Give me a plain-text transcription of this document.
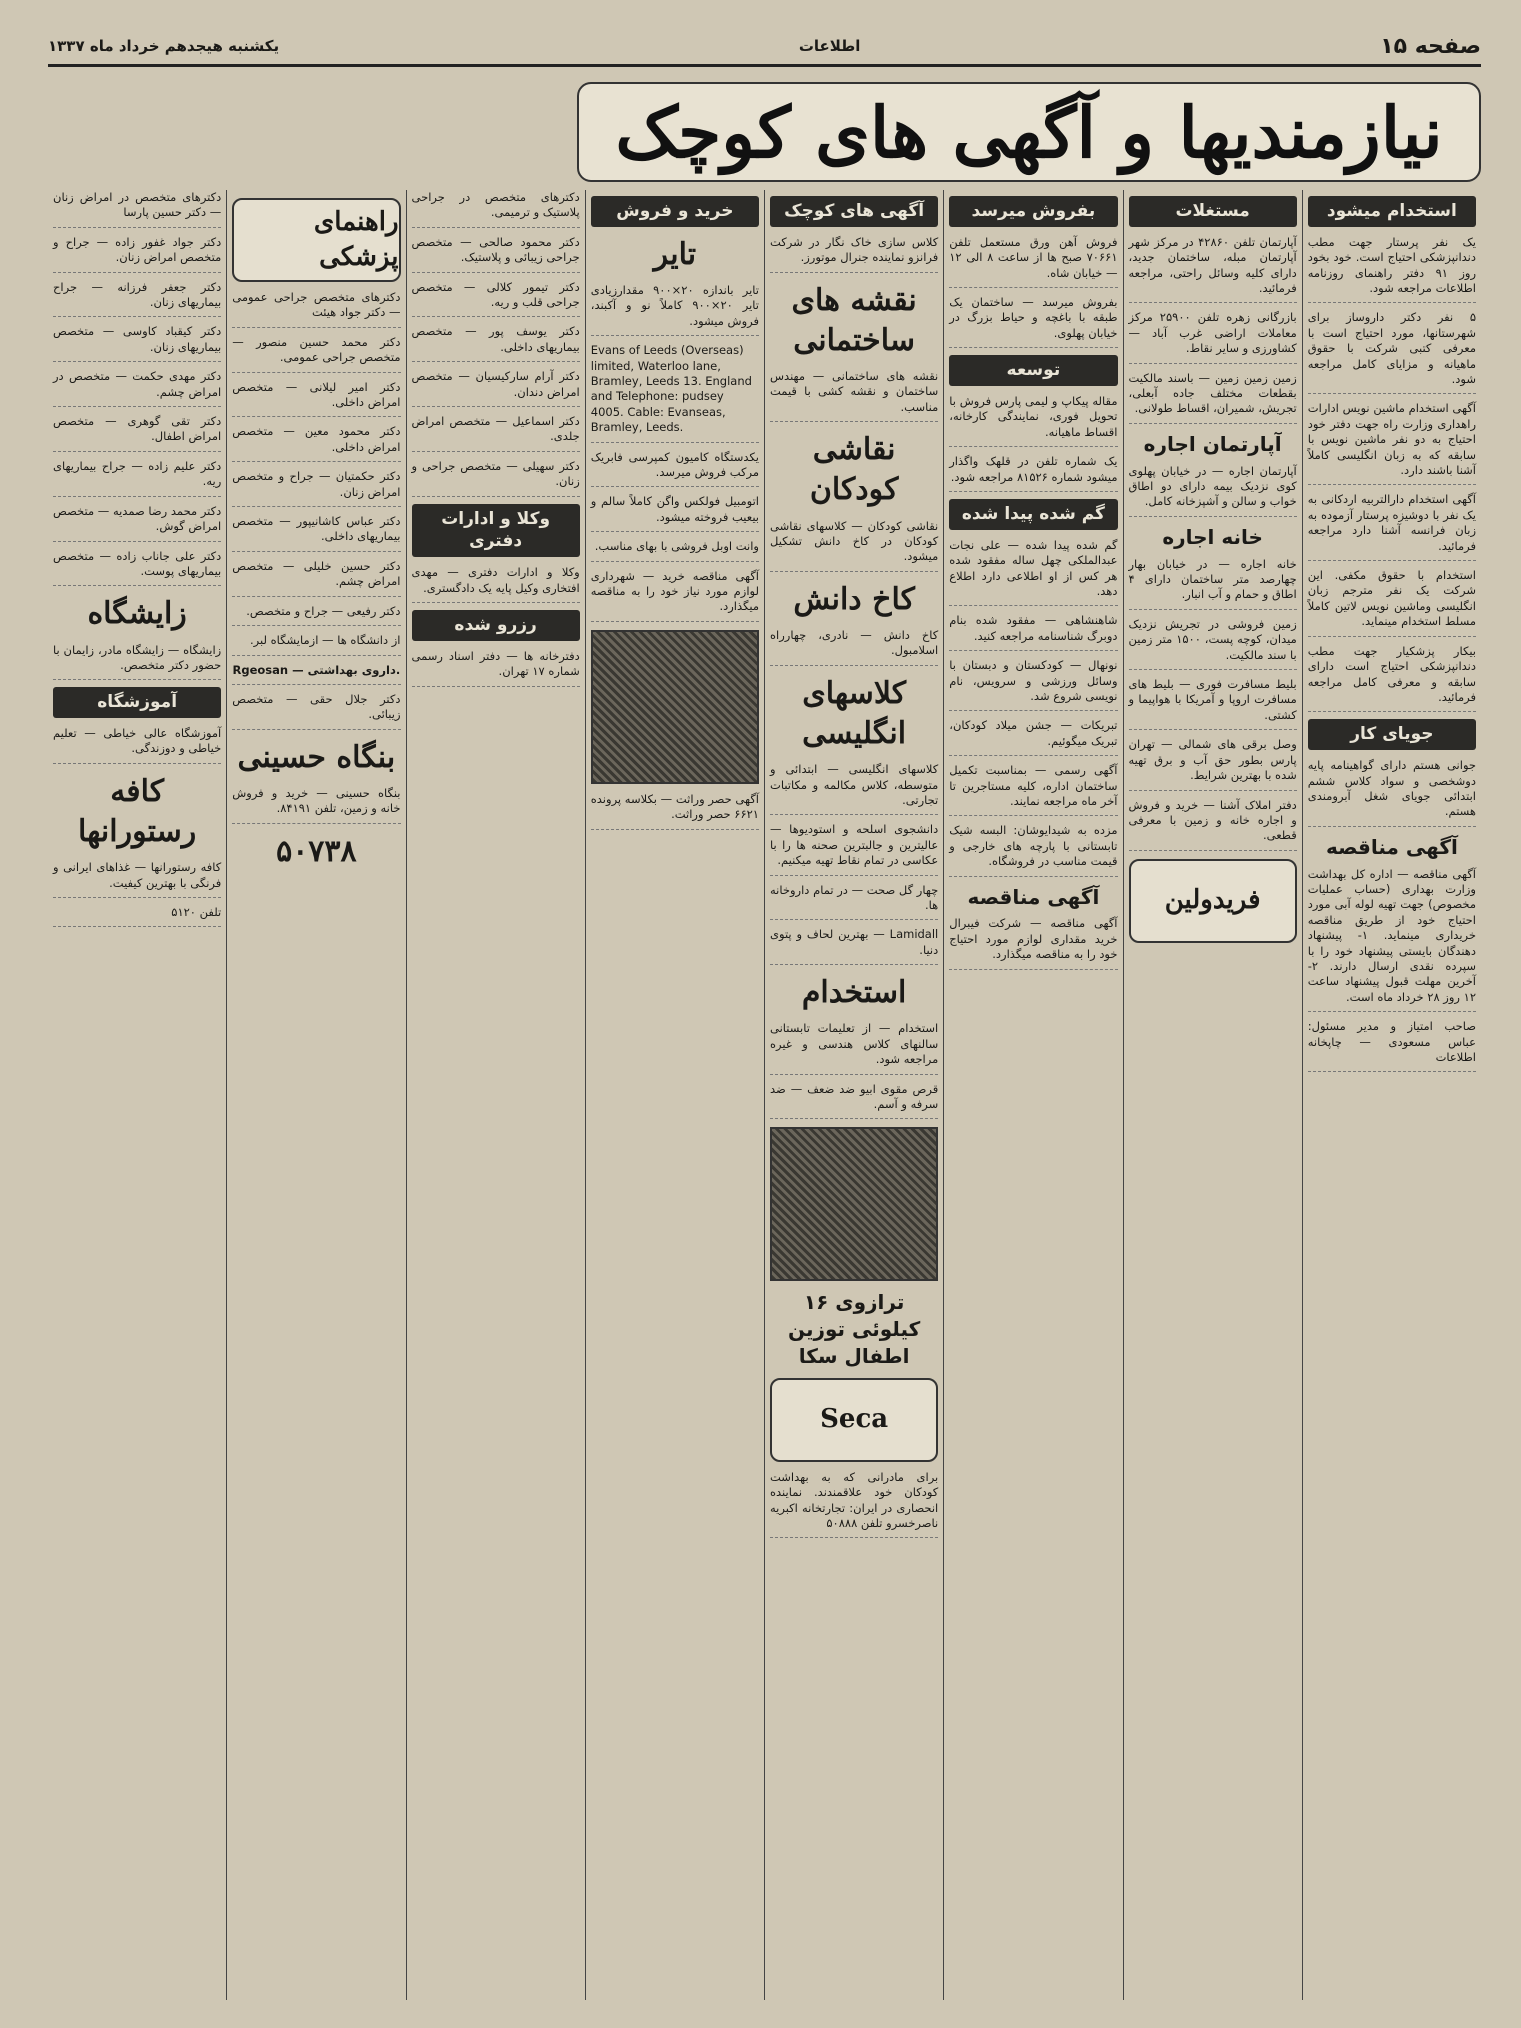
صفحه ۱۵
اطلاعات
یکشنبه هیجدهم خرداد ماه ۱۳۳۷
نیازمندیها و آگهی های کوچک
استخدام میشود
یک نفر پرستار جهت مطب دندانپزشکی احتیاج است. خود بخود روز ۹۱ دفتر راهنمای روزنامه اطلاعات مراجعه شود.
۵ نفر دکتر داروساز برای شهرستانها، مورد احتیاج است با معرفی کتبی شرکت با حقوق ماهیانه و مزایای کامل مراجعه شود.
آگهی استخدام ماشین نویس ادارات راهداری وزارت راه جهت دفتر خود احتیاج به دو نفر ماشین نویس با سابقه که به زبان انگلیسی کاملاً آشنا باشند دارد.
آگهی استخدام دارالتربیه اردکانی به یک نفر با دوشیزه پرستار آزموده به زبان فرانسه آشنا دارد مراجعه فرمائید.
استخدام با حقوق مکفی. این شرکت یک نفر مترجم زبان انگلیسی وماشین نویس لاتین کاملاً مسلط استخدام مینماید.
بیکار پزشکیار جهت مطب دندانپزشکی احتیاج است دارای سابقه و معرفی کامل مراجعه فرمائید.
جویای کار
جوانی هستم دارای گواهینامه پایه دوشخصی و سواد کلاس ششم ابتدائی جویای شغل آبرومندی هستم.
آگهی مناقصه
آگهی مناقصه — اداره کل بهداشت وزارت بهداری (حساب عملیات مخصوص) جهت تهیه لوله آبی مورد احتیاج خود از طریق مناقصه خریداری مینماید. ۱- پیشنهاد دهندگان بایستی پیشنهاد خود را با سپرده نقدی ارسال دارند. ۲- آخرین مهلت قبول پیشنهاد ساعت ۱۲ روز ۲۸ خرداد ماه است.
صاحب امتیاز و مدیر مسئول: عباس مسعودی — چاپخانه اطلاعات
مستغلات
آپارتمان تلفن ۴۲۸۶۰ در مرکز شهر آپارتمان مبله، ساختمان جدید، دارای کلیه وسائل راحتی، مراجعه فرمائید.
بازرگانی زهره تلفن ۲۵۹۰۰ مرکز معاملات اراضی غرب آباد — کشاورزی و سایر نقاط.
زمین زمین زمین — باسند مالکیت بقطعات مختلف جاده آبعلی، تجریش، شمیران، اقساط طولانی.
آپارتمان اجاره
آپارتمان اجاره — در خیابان پهلوی کوی نزدیک بیمه دارای دو اطاق خواب و سالن و آشپزخانه کامل.
خانه اجاره
خانه اجاره — در خیابان بهار چهارصد متر ساختمان دارای ۴ اطاق و حمام و آب انبار.
زمین فروشی در تجریش نزدیک میدان، کوچه پست، ۱۵۰۰ متر زمین با سند مالکیت.
بلیط مسافرت فوری — بلیط های مسافرت اروپا و آمریکا با هواپیما و کشتی.
وصل برقی های شمالی — تهران پارس بطور حق آب و برق تهیه شده با بهترین شرایط.
دفتر املاک آشنا — خرید و فروش و اجاره خانه و زمین با معرفی قطعی.
فریدولین
بفروش میرسد
فروش آهن ورق مستعمل تلفن ۷۰۶۶۱ صبح ها از ساعت ۸ الی ۱۲ — خیابان شاه.
بفروش میرسد — ساختمان یک طبقه با باغچه و حیاط بزرگ در خیابان پهلوی.
توسعه
مقاله پیکاپ و لیمی پارس فروش با تحویل فوری، نمایندگی کارخانه، اقساط ماهیانه.
یک شماره تلفن در قلهک واگذار میشود شماره ۸۱۵۲۶ مراجعه شود.
گم شده پیدا شده
گم شده پیدا شده — علی نجات عبدالملکی چهل ساله مفقود شده هر کس از او اطلاعی دارد اطلاع دهد.
شاهنشاهی — مفقود شده بنام دوبرگ شناسنامه مراجعه کنید.
نونهال — کودکستان و دبستان با وسائل ورزشی و سرویس، نام نویسی شروع شد.
تبریکات — جشن میلاد کودکان، تبریک میگوئیم.
آگهی رسمی — بمناسبت تکمیل ساختمان اداره، کلیه مستاجرین تا آخر ماه مراجعه نمایند.
مزده به شیدایوشان: البسه شیک تابستانی با پارچه های خارجی و قیمت مناسب در فروشگاه.
آگهی مناقصه
آگهی مناقصه — شرکت فیبرال خرید مقداری لوازم مورد احتیاج خود را به مناقصه میگذارد.
آگهی های کوچک
کلاس سازی خاک نگار در شرکت فرانزو نماینده جنرال موتورز.
نقشه های ساختمانی
نقشه های ساختمانی — مهندس ساختمان و نقشه کشی با قیمت مناسب.
نقاشی کودکان
نقاشی کودکان — کلاسهای نقاشی کودکان در کاخ دانش تشکیل میشود.
کاخ دانش
کاخ دانش — نادری، چهارراه اسلامبول.
کلاسهای انگلیسی
کلاسهای انگلیسی — ابتدائی و متوسطه، کلاس مکالمه و مکاتبات تجارتی.
دانشجوی اسلحه و استودیوها — عالیترین و جالبترین صحنه ها را با عکاسی در تمام نقاط تهیه میکنیم.
چهار گل صحت — در تمام داروخانه ها.
Lamidall — بهترین لحاف و پتوی دنیا.
استخدام
استخدام — از تعلیمات تابستانی سالنهای کلاس هندسی و غیره مراجعه شود.
قرص مقوی ابیو ضد ضعف — ضد سرفه و آسم.
ترازوی ۱۶ کیلوئی توزین اطفال سکا
Seca
برای مادرانی که به بهداشت کودکان خود علاقمندند. نماینده انحصاری در ایران: تجارتخانه اکبریه ناصرخسرو تلفن ۵۰۸۸۸
خرید و فروش
تایر
تایر باندازه ۲۰×۹۰۰ مقدارزیادی تایر ۲۰×۹۰۰ کاملاً نو و آکبند، فروش میشود.
Evans of Leeds (Overseas) limited, Waterloo lane, Bramley, Leeds 13. England and Telephone: pudsey 4005. Cable: Evanseas, Bramley, Leeds.
یکدستگاه کامیون کمپرسی فابریک مرکب فروش میرسد.
اتومبیل فولکس واگن کاملاً سالم و بیعیب فروخته میشود.
وانت اوبل فروشی با بهای مناسب.
آگهی مناقصه خرید — شهرداری لوازم مورد نیاز خود را به مناقصه میگذارد.
آگهی حصر وراثت — بکلاسه پرونده ۶۶۲۱ حصر وراثت.
دکترهای متخصص در جراحی پلاستیک و ترمیمی.
دکتر محمود صالحی — متخصص جراحی زیبائی و پلاستیک.
دکتر تیمور کلالی — متخصص جراحی قلب و ریه.
دکتر یوسف پور — متخصص بیماریهای داخلی.
دکتر آرام سارکیسیان — متخصص امراض دندان.
دکتر اسماعیل — متخصص امراض جلدی.
دکتر سهیلی — متخصص جراحی و زنان.
وکلا و ادارات دفتری
وکلا و ادارات دفتری — مهدی افتخاری وکیل پایه یک دادگستری.
رزرو شده
دفترخانه ها — دفتر اسناد رسمی شماره ۱۷ تهران.
راهنمای پزشکی
دکترهای متخصص جراحی عمومی — دکتر جواد هیئت
دکتر محمد حسین منصور — متخصص جراحی عمومی.
دکتر امیر لیلانی — متخصص امراض داخلی.
دکتر محمود معین — متخصص امراض داخلی.
دکتر حکمتیان — جراح و متخصص امراض زنان.
دکتر عباس کاشانیپور — متخصص بیماریهای داخلی.
دکتر حسین خلیلی — متخصص امراض چشم.
دکتر رفیعی — جراح و متخصص.
از دانشگاه ها — ازمایشگاه لبر.
Rgeosan — داروی بهداشتی.
دکتر جلال حقی — متخصص زیبائی.
بنگاه حسینی
بنگاه حسینی — خرید و فروش خانه و زمین، تلفن ۸۴۱۹۱.
۵۰۷۳۸
دکترهای متخصص در امراض زنان — دکتر حسین پارسا
دکتر جواد غفور زاده — جراح و متخصص امراض زنان.
دکتر جعفر فرزانه — جراح بیماریهای زنان.
دکتر کیقباد کاوسی — متخصص بیماریهای زنان.
دکتر مهدی حکمت — متخصص در امراض چشم.
دکتر تقی گوهری — متخصص امراض اطفال.
دکتر علیم زاده — جراح بیماریهای ریه.
دکتر محمد رضا صمدیه — متخصص امراض گوش.
دکتر علی جاناب زاده — متخصص بیماریهای پوست.
زایشگاه
زایشگاه — زایشگاه مادر، زایمان با حضور دکتر متخصص.
آموزشگاه
آموزشگاه عالی خیاطی — تعلیم خیاطی و دوزندگی.
کافه رستورانها
کافه رستورانها — غذاهای ایرانی و فرنگی با بهترین کیفیت.
تلفن ۵۱۲۰
